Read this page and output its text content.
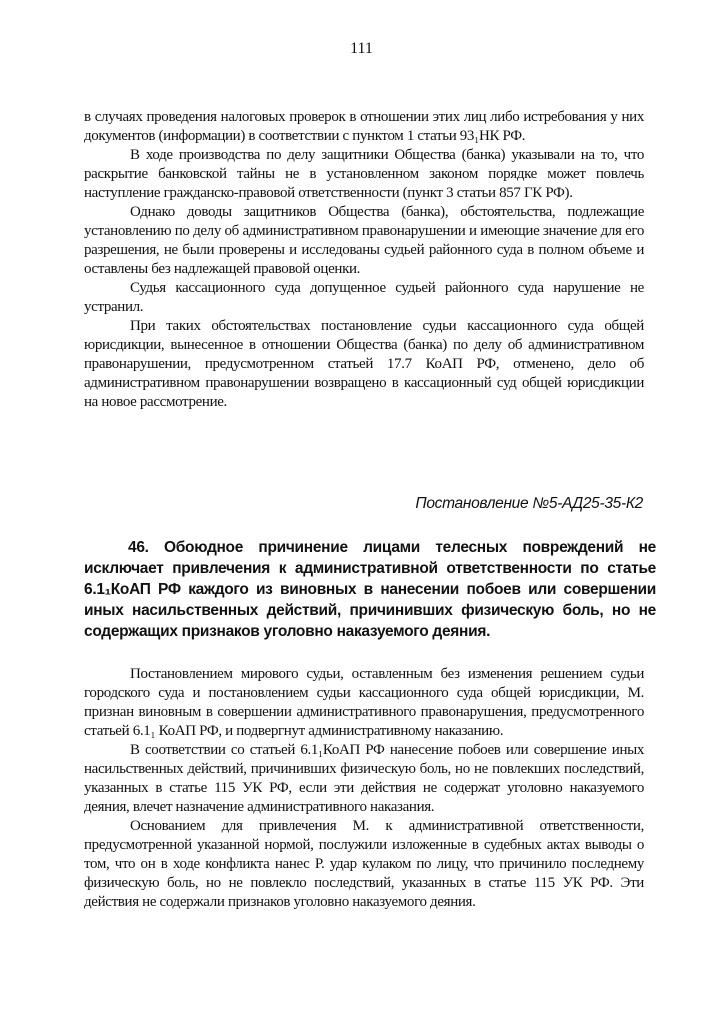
111

в случаях проведения налоговых проверок в отношении этих лиц либо истребования у них документов (информации) в соответствии с пунктом 1 статьи 93₁НК РФ.

В ходе производства по делу защитники Общества (банка) указывали на то, что раскрытие банковской тайны не в установленном законом порядке может повлечь наступление гражданско-правовой ответственности (пункт 3 статьи 857 ГК РФ).

Однако доводы защитников Общества (банка), обстоятельства, подлежащие установлению по делу об административном правонарушении и имеющие значение для его разрешения, не были проверены и исследованы судьей районного суда в полном объеме и оставлены без надлежащей правовой оценки.

Судья кассационного суда допущенное судьей районного суда нарушение не устранил.

При таких обстоятельствах постановление судьи кассационного суда общей юрисдикции, вынесенное в отношении Общества (банка) по делу об административном правонарушении, предусмотренном статьей 17.7 КоАП РФ, отменено, дело об административном правонарушении возвращено в кассационный суд общей юрисдикции на новое рассмотрение.

Постановление №5-АД25-35-К2

46. Обоюдное причинение лицами телесных повреждений не исключает привлечения к административной ответственности по статье 6.1₁КоАП РФ каждого из виновных в нанесении побоев или совершении иных насильственных действий, причинивших физическую боль, но не содержащих признаков уголовно наказуемого деяния.

Постановлением мирового судьи, оставленным без изменения решением судьи городского суда и постановлением судьи кассационного суда общей юрисдикции, М. признан виновным в совершении административного правонарушения, предусмотренного статьей 6.1₁ КоАП РФ, и подвергнут административному наказанию.

В соответствии со статьей 6.1₁КоАП РФ нанесение побоев или совершение иных насильственных действий, причинивших физическую боль, но не повлекших последствий, указанных в статье 115 УК РФ, если эти действия не содержат уголовно наказуемого деяния, влечет назначение административного наказания.

Основанием для привлечения М. к административной ответственности, предусмотренной указанной нормой, послужили изложенные в судебных актах выводы о том, что он в ходе конфликта нанес Р. удар кулаком по лицу, что причинило последнему физическую боль, но не повлекло последствий, указанных в статье 115 УК РФ. Эти действия не содержали признаков уголовно наказуемого деяния.
